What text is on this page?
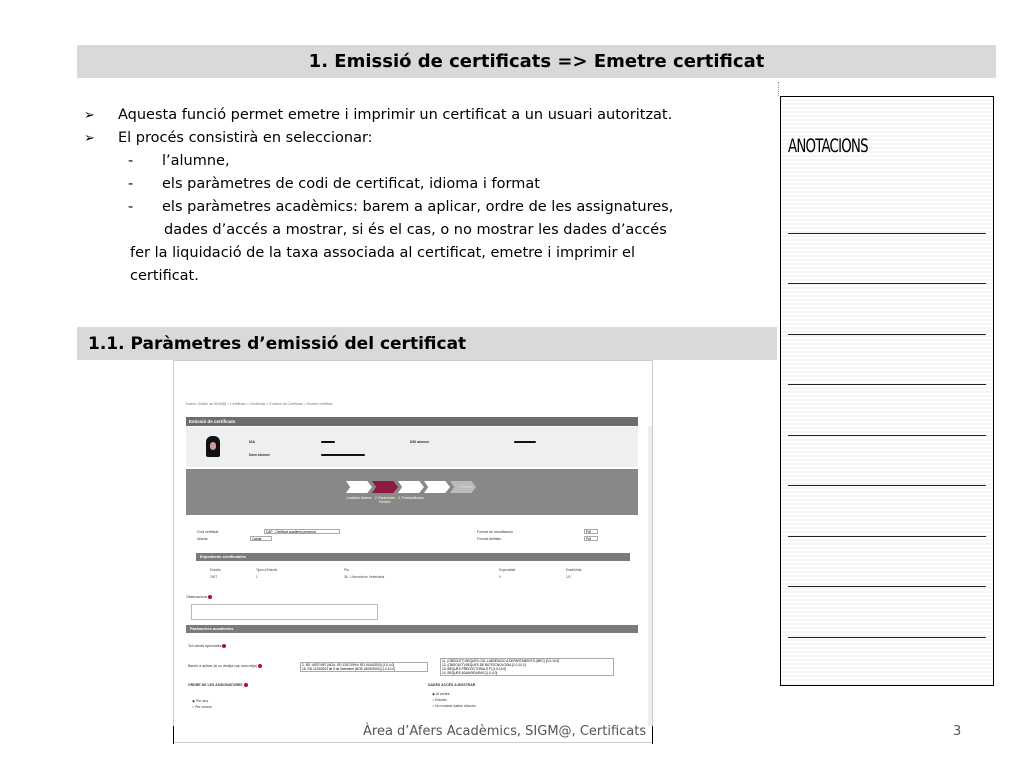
1. Emissió de certificats => Emetre certificat
➢	Aquesta funció permet emetre i imprimir un certificat a un usuari autoritzat.
➢	El procés consistirà en seleccionar:
-	l’alumne,
-	els paràmetres de codi de certificat, idioma i format
-	els paràmetres acadèmics: barem a aplicar, ordre de les assignatures,
dades d’accés a mostrar, si és el cas, o no mostrar les dades d’accés
fer la liquidació de la taxa associada al certificat, emetre i imprimir el
certificat.
1.1. Paràmetres d’emissió del certificat
ANOTACIONS
Estem: Gestió de SIGM@ > Certificats > Certificats > Emissió de Certificats > Emetre certificat
Emissió de certificats
NIA
Nom alumne
DNI alumne
Localitzar Alumne	2. Paràmetres Emissió
3. Previsualització
4. Liquidació	5. Emissió
Codi certificat	CAP - Certificat acadèmic personal
Idioma	Català
Format de visualització	Pdf
Format definitiu	Pdf
Expedients certificables
Estudis	Tipus d'Estudis	Pla	Especialitat	Estat/Motiu
2007	1	35 - Llicenciat en Veterinària	0	1/0
Observacions
Paràmetres acadèmics
Tot només aprovades
Barem a aplicar (si no desitja cap nota mitja)	2- RD 1497/1987 (NOU. RD 1267/1994 i RD 1044/2003) [1.0-4.0]
15- RD 1125/2003 de 5 de Setembre (BOE 18/09/2003) [1.0-10.0]
11- (OBSOLET) BEQUES COL.LABORACIO A DEPARTAMENTS (MEC) [0.0-10.0]
12- (OBSOLET) BEQUES DE BIOTECNOLOGIA [1.0-10.0]
13- BEQUES PREDOCTORALS FI [1.0-10.0]
14- BEQUES ADAURIDURAS [1.0-4.0]
ORDRE DE LES ASSIGNATURES
◉ Per any
○ Per cursos
DADES ACCÉS A MOSTRAR
◉ Al centre
○ Estudis
○ No mostrar dades d'accés
Àrea d’Afers Acadèmics, SIGM@, Certificats	3
